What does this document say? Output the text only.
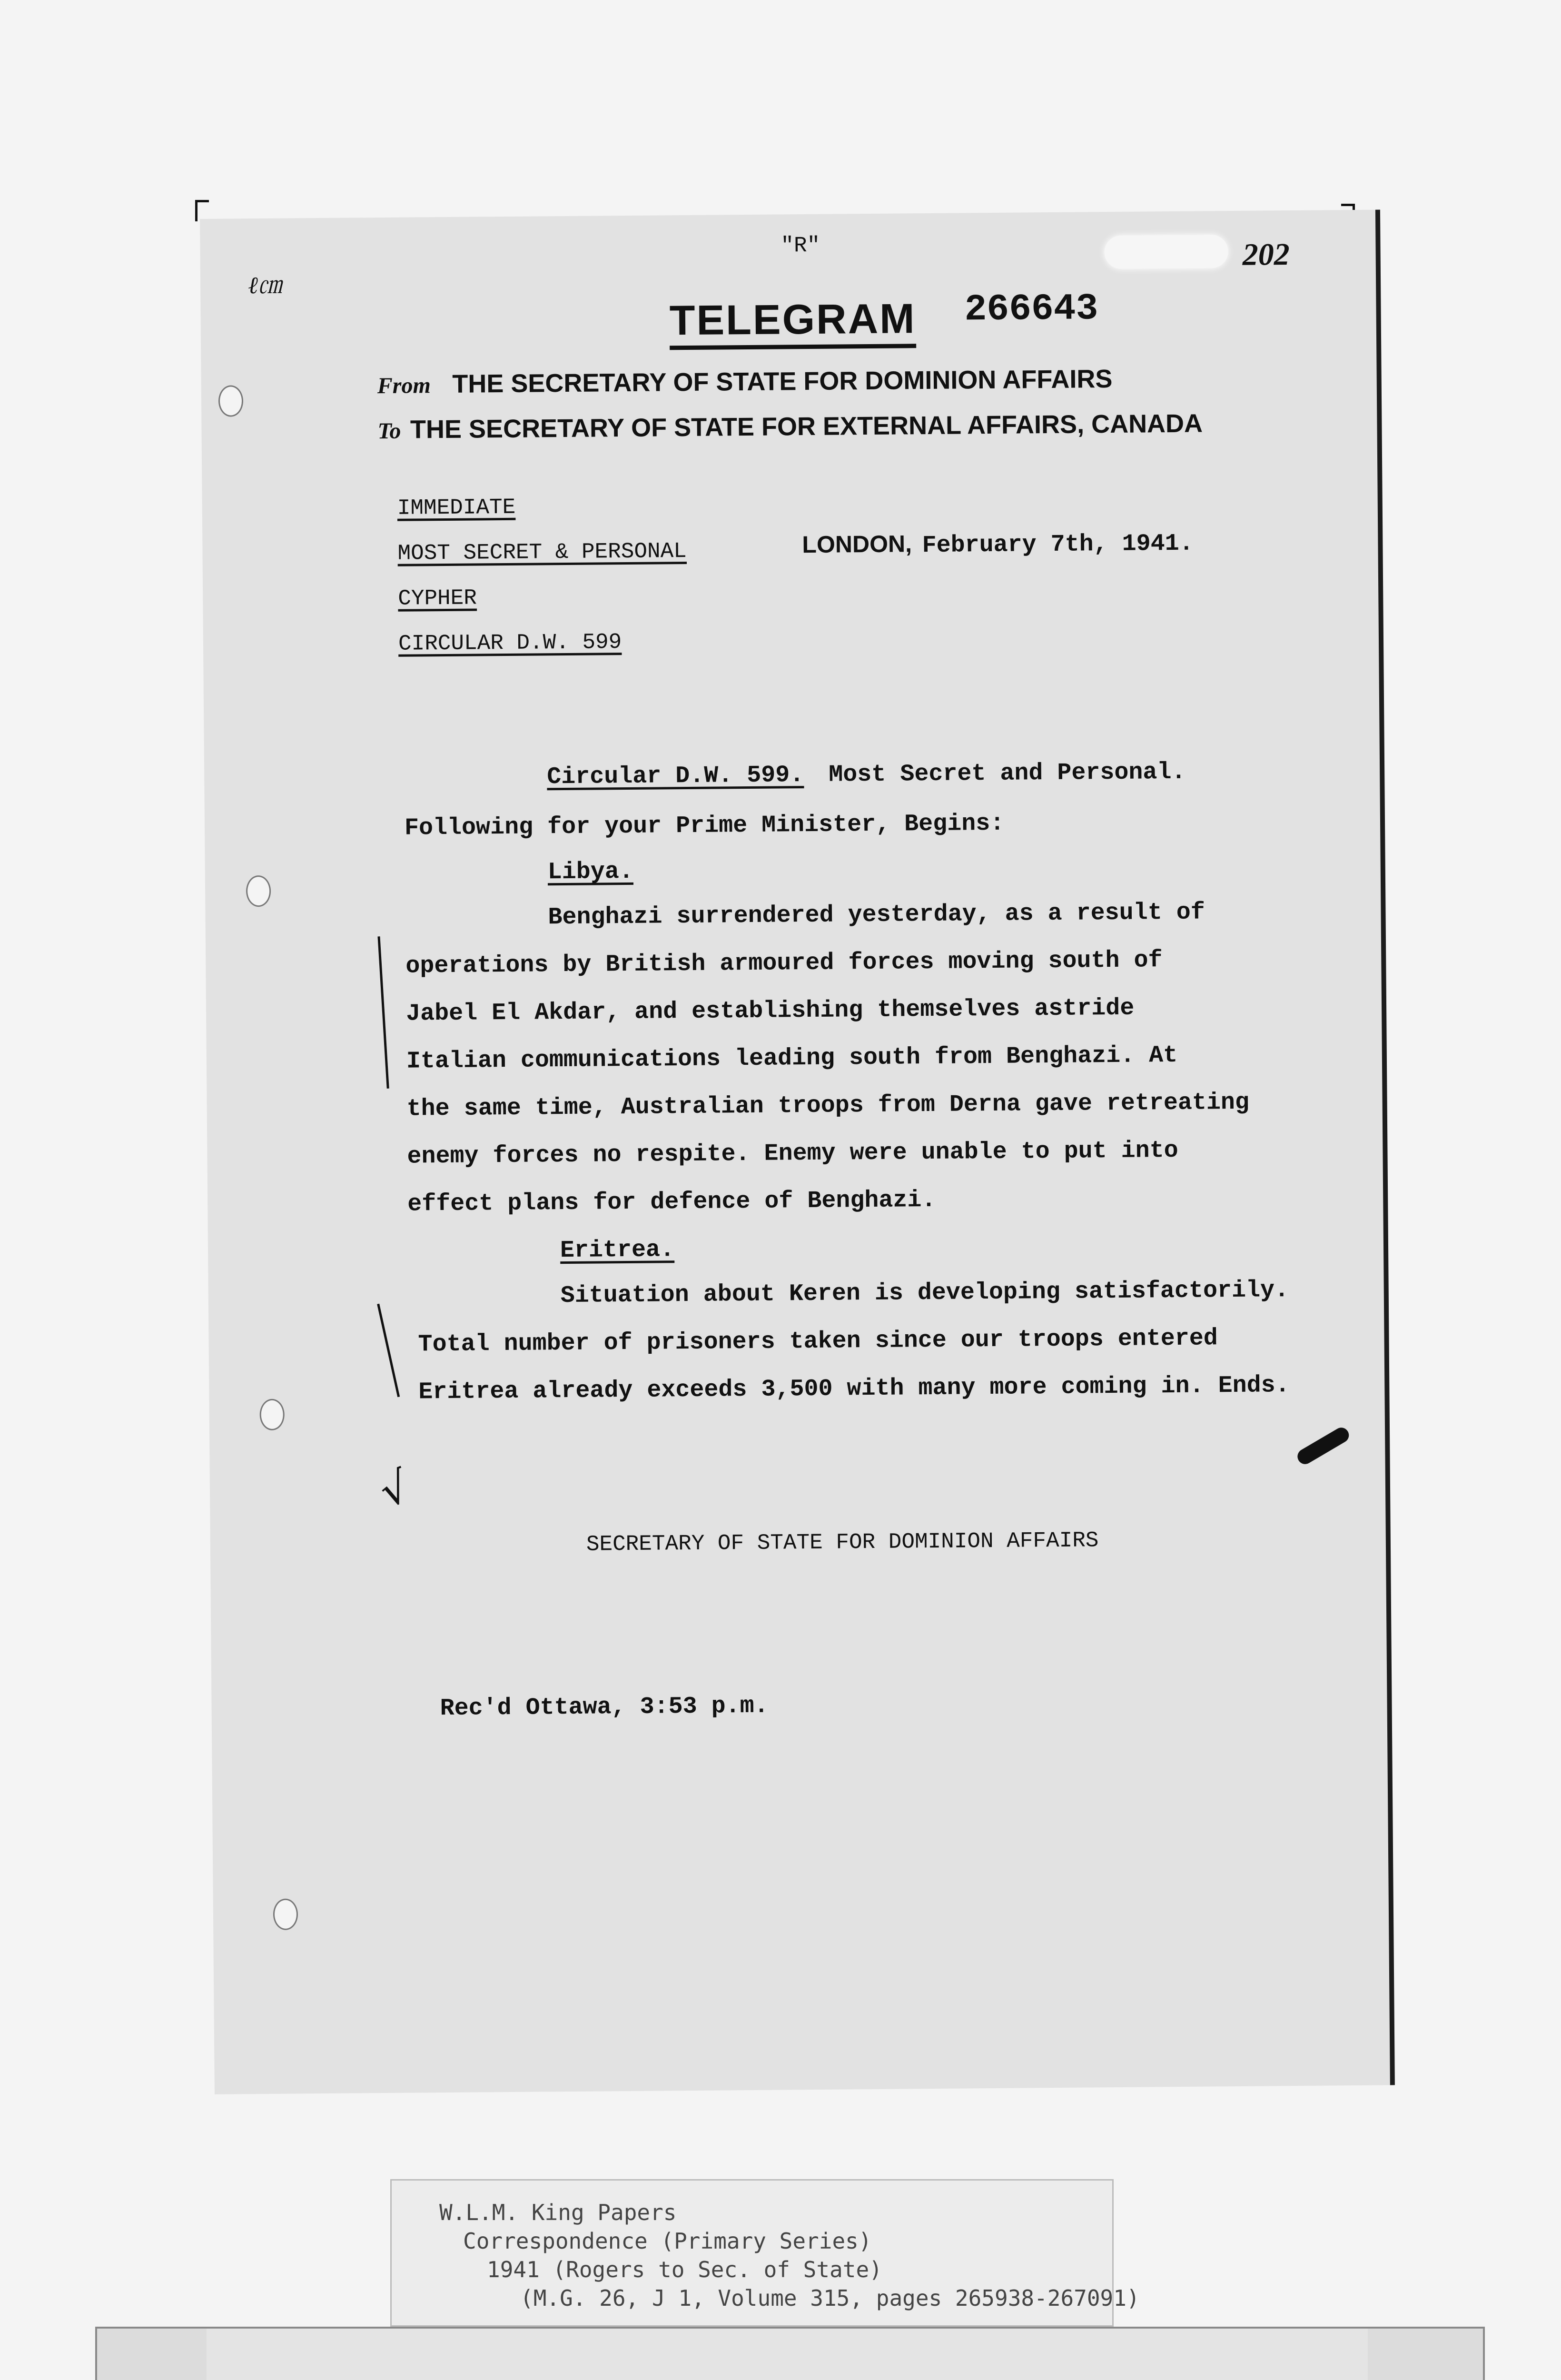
ℓ㎝
"R"	202
TELEGRAM 266643
From THE SECRETARY OF STATE FOR DOMINION AFFAIRS
To THE SECRETARY OF STATE FOR EXTERNAL AFFAIRS, CANADA
IMMEDIATE
MOST SECRET & PERSONAL
CYPHER
CIRCULAR D.W. 599
LONDON, February 7th, 1941.
Circular D.W. 599. Most Secret and Personal.
Following for your Prime Minister, Begins:
Libya.
Benghazi surrendered yesterday, as a result of
operations by British armoured forces moving south of
Jabel El Akdar, and establishing themselves astride
Italian communications leading south from Benghazi. At
the same time, Australian troops from Derna gave retreating
enemy forces no respite. Enemy were unable to put into
effect plans for defence of Benghazi.
Eritrea.
Situation about Keren is developing satisfactorily.
Total number of prisoners taken since our troops entered
Eritrea already exceeds 3,500 with many more coming in. Ends.
√
SECRETARY OF STATE FOR DOMINION AFFAIRS
Rec'd Ottawa, 3:53 p.m.
W.L.M. King Papers
Correspondence (Primary Series)
1941 (Rogers to Sec. of State)
(M.G. 26, J 1, Volume 315, pages 265938-267091)
